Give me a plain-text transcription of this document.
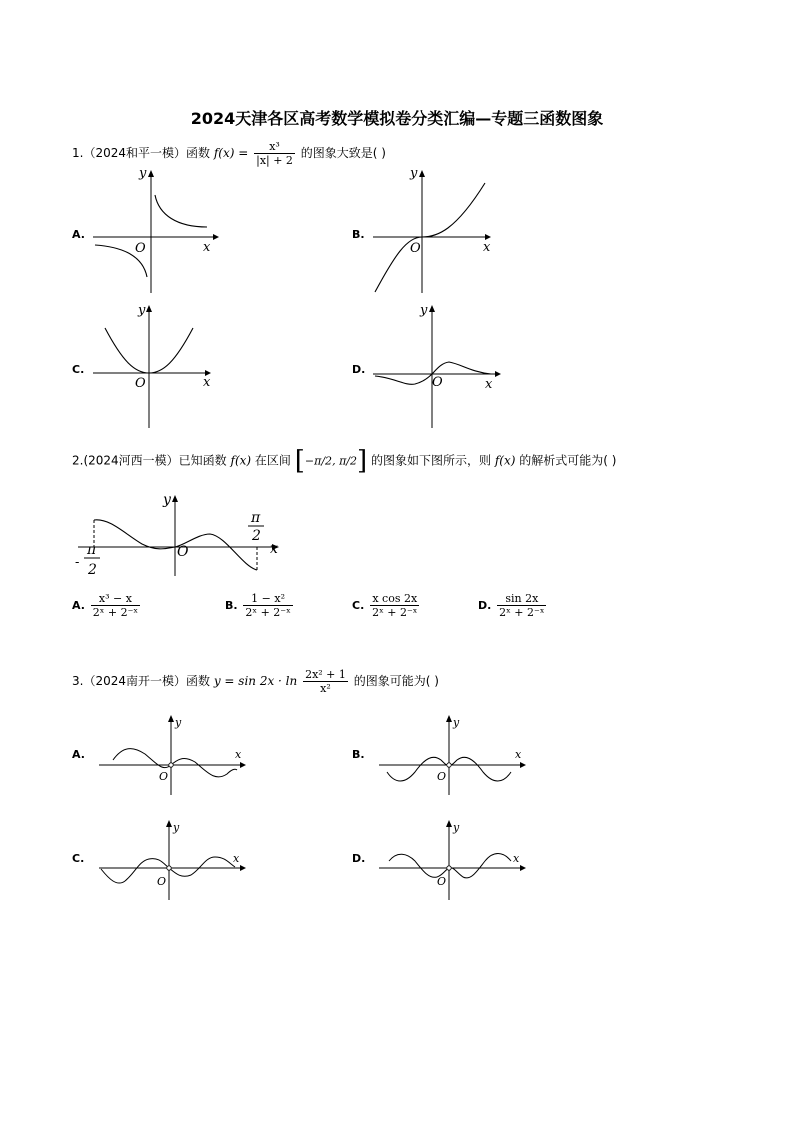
2024天津各区高考数学模拟卷分类汇编—专题三函数图象
1.（2024和平一模）函数 $f(x) = \frac{\text{x³}}{|x| + 2}$ 的图象大致是( )
A.
y
x
O
B.
y
x
O
C.
y
x
O
D.
y
x
O
2.(2024河西一模）已知函数 f(x) 在区间 [−π/2, π/2] 的图象如下图所示，则 f(x) 的解析式可能为( )
y
x
O
π
2
-
π
2
A. $\frac{\text{x³ − x}}{\text{2ˣ + 2⁻ˣ}}$	B. $\frac{\text{1 − x²}}{\text{2ˣ + 2⁻ˣ}}$	C. $\frac{\text{x cos 2x}}{\text{2ˣ + 2⁻ˣ}}$	D. $\frac{\sin 2x}{\text{2ˣ + 2⁻ˣ}}$
3.（2024南开一模）函数 $y = \sin 2x \cdot \ln \frac{\text{2x² + 1}}{\text{x²}}$ 的图象可能为( )
A.
y
x
O
B.
y
x
O
C.
y
x
O
D.
y
x
O
